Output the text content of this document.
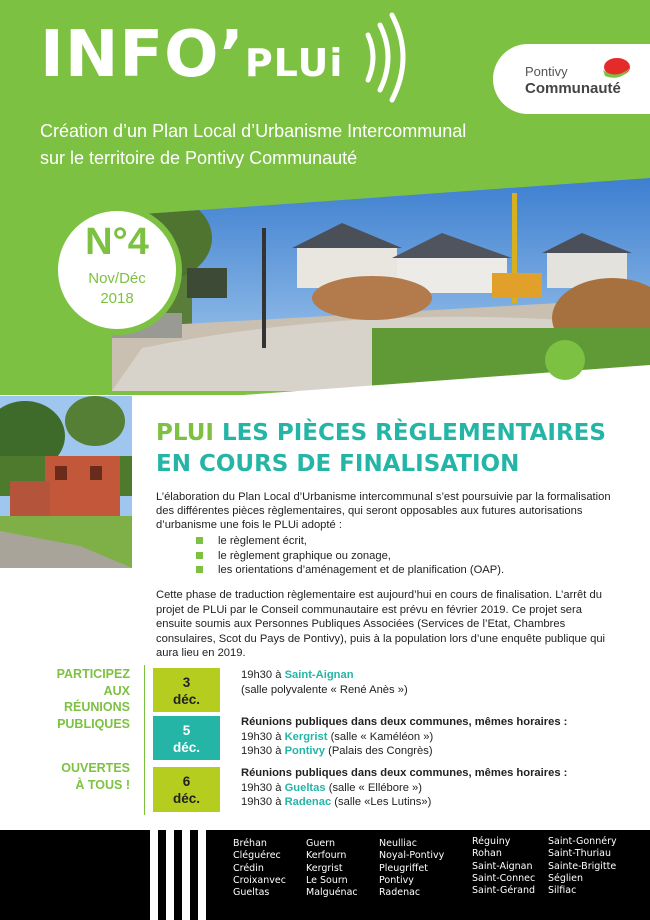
INFO’PLUi
Création d’un Plan Local d’Urbanisme Intercommunal
sur le territoire de Pontivy Communauté
Pontivy
Communauté
N°4
Nov/Déc
2018
PLUI LES PIÈCES RÈGLEMENTAIRES
EN COURS DE FINALISATION
L’élaboration du Plan Local d’Urbanisme intercommunal s’est poursuivie par la formalisation des différentes pièces règlementaires, qui seront opposables aux futures autorisations d’urbanisme une fois le PLUi adopté :
le règlement écrit,
le règlement graphique ou zonage,
les orientations d’aménagement et de planification (OAP).
Cette phase de traduction règlementaire est aujourd’hui en cours de finalisation. L’arrêt du projet de PLUi par le Conseil communautaire est prévu en février 2019. Ce projet sera ensuite soumis aux Personnes Publiques Associées (Services de l’Etat, Chambres consulaires, Scot du Pays de Pontivy), puis à la population lors d’une enquête publique qui aura lieu en 2019.
PARTICIPEZ
AUX
RÉUNIONS
PUBLIQUES
OUVERTES
À TOUS !
3
déc.
19h30 à Saint-Aignan
(salle polyvalente « René Anès »)
5
déc.
Réunions publiques dans deux communes, mêmes horaires :
19h30 à Kergrist (salle « Kaméléon »)
19h30 à Pontivy (Palais des Congrès)
6
déc.
Réunions publiques dans deux communes, mêmes horaires :
19h30 à Gueltas (salle « Ellébore »)
19h30 à Radenac (salle «Les Lutins»)
Bréhan
Cléguérec
Crédin
Croixanvec
Gueltas
Guern
Kerfourn
Kergrist
Le Sourn
Malguénac
Neulliac
Noyal-Pontivy
Pleugriffet
Pontivy
Radenac
Réguiny
Rohan
Saint-Aignan
Saint-Connec
Saint-Gérand
Saint-Gonnéry
Saint-Thuriau
Sainte-Brigitte
Séglien
Silfiac
